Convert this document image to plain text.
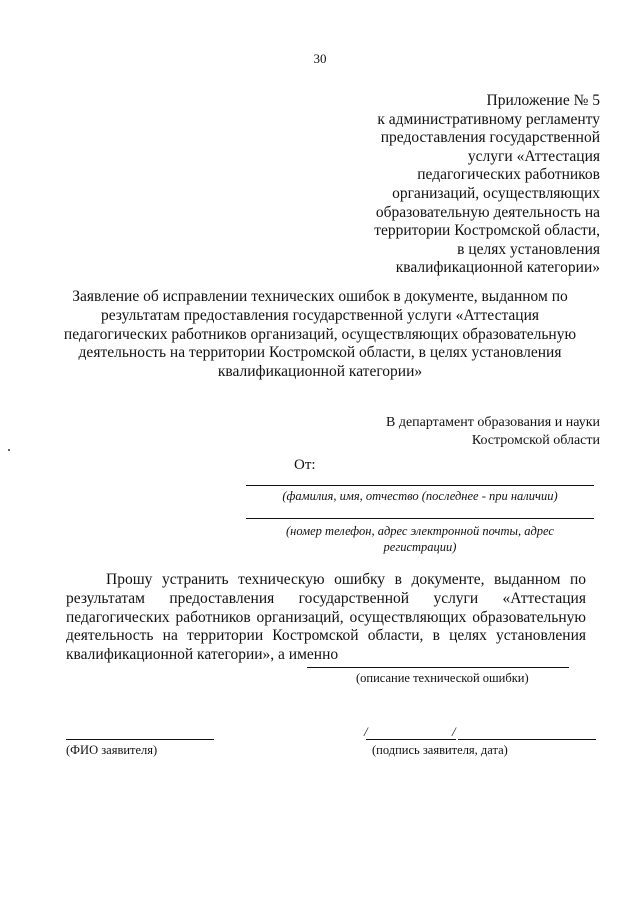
30
Приложение № 5
к административному регламенту
предоставления государственной
услуги «Аттестация
педагогических работников
организаций, осуществляющих
образовательную деятельность на
территории Костромской области,
в целях установления
квалификационной категории»
Заявление об исправлении технических ошибок в документе, выданном по
результатам предоставления государственной услуги «Аттестация
педагогических работников организаций, осуществляющих образовательную
деятельность на территории Костромской области, в целях установления
квалификационной категории»
В департамент образования и науки
Костромской области
От:
(фамилия, имя, отчество (последнее - при наличии)
(номер телефон, адрес электронной почты, адрес
регистрации)
Прошу устранить техническую ошибку в документе, выданном по
результатам предоставления государственной услуги «Аттестация
педагогических работников организаций, осуществляющих образовательную
деятельность на территории Костромской области, в целях установления
квалификационной категории», а именно
(описание технической ошибки)
(ФИО заявителя)
/	/
(подпись заявителя, дата)
